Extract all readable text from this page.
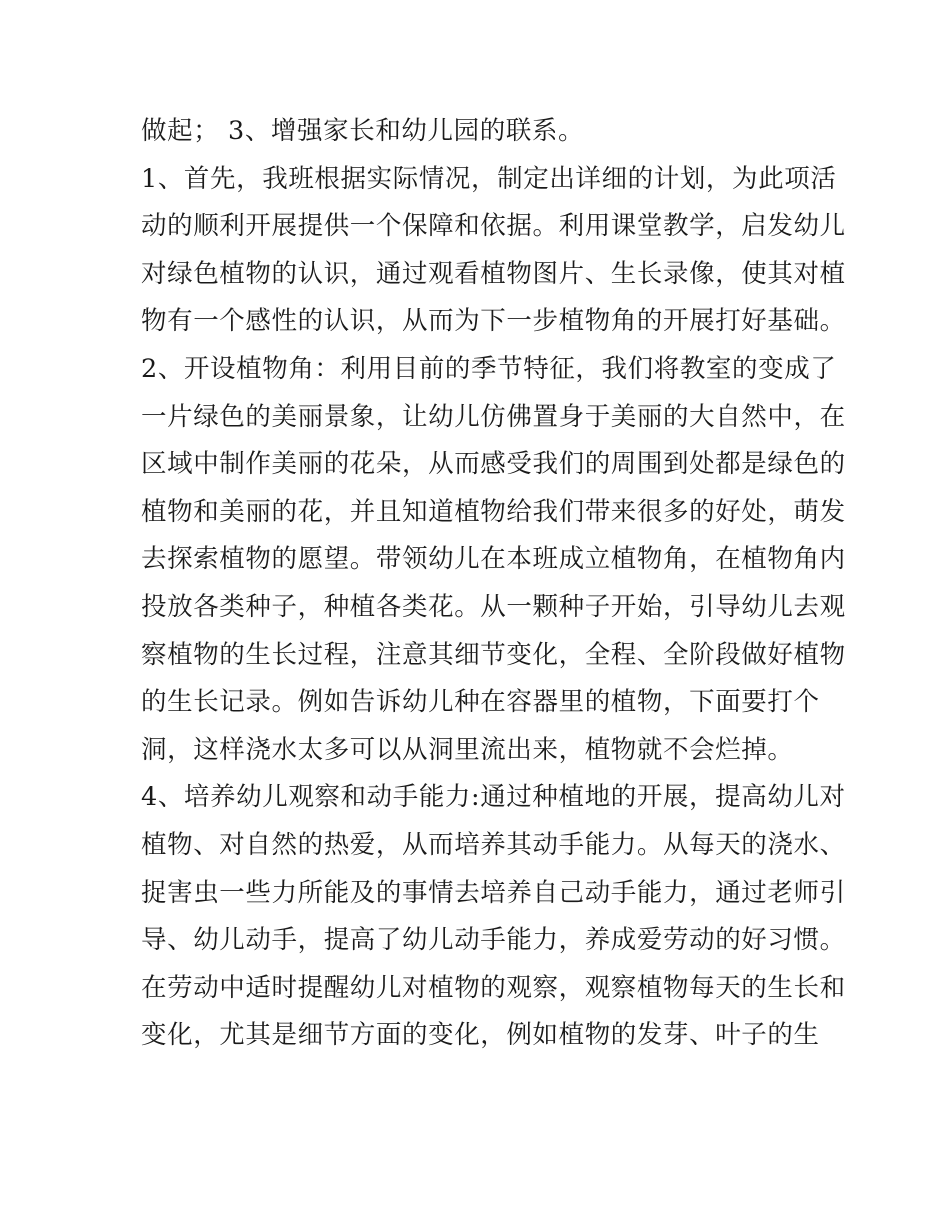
做起； 3、增强家长和幼儿园的联系。
1、首先，我班根据实际情况，制定出详细的计划，为此项活
动的顺利开展提供一个保障和依据。利用课堂教学，启发幼儿
对绿色植物的认识，通过观看植物图片、生长录像，使其对植
物有一个感性的认识，从而为下一步植物角的开展打好基础。
2、开设植物角：利用目前的季节特征，我们将教室的变成了
一片绿色的美丽景象，让幼儿仿佛置身于美丽的大自然中，在
区域中制作美丽的花朵，从而感受我们的周围到处都是绿色的
植物和美丽的花，并且知道植物给我们带来很多的好处，萌发
去探索植物的愿望。带领幼儿在本班成立植物角，在植物角内
投放各类种子，种植各类花。从一颗种子开始，引导幼儿去观
察植物的生长过程，注意其细节变化，全程、全阶段做好植物
的生长记录。例如告诉幼儿种在容器里的植物，下面要打个
洞，这样浇水太多可以从洞里流出来，植物就不会烂掉。
4、培养幼儿观察和动手能力:通过种植地的开展，提高幼儿对
植物、对自然的热爱，从而培养其动手能力。从每天的浇水、
捉害虫一些力所能及的事情去培养自己动手能力，通过老师引
导、幼儿动手，提高了幼儿动手能力，养成爱劳动的好习惯。
在劳动中适时提醒幼儿对植物的观察，观察植物每天的生长和
变化，尤其是细节方面的变化，例如植物的发芽、叶子的生
